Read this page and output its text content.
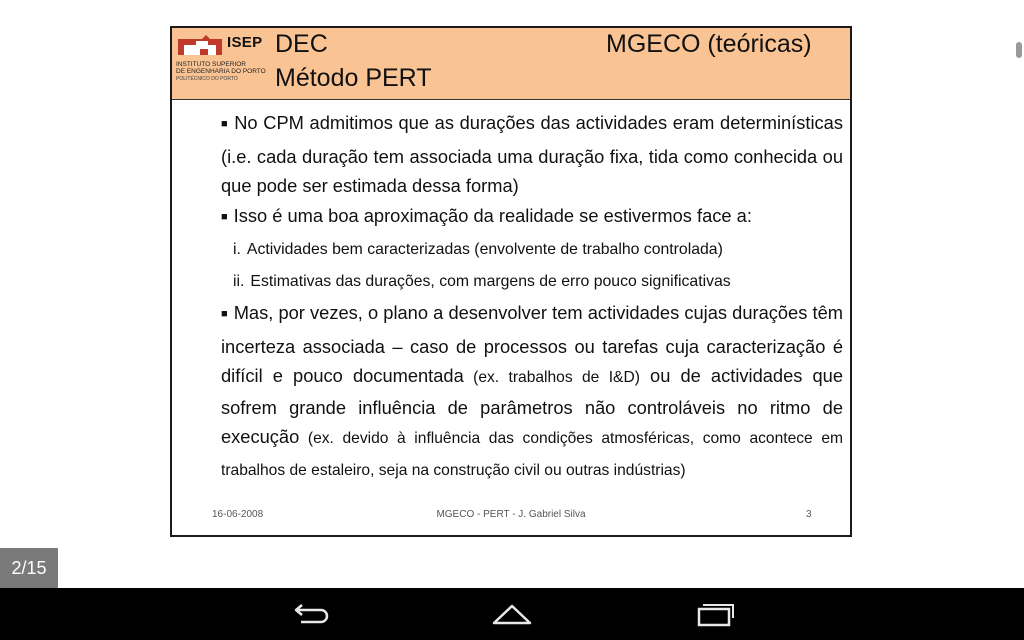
ISEP
INSTITUTO SUPERIOR
DE ENGENHARIA DO PORTO
POLITÉCNICO DO PORTO
DEC	MGECO (teóricas)
Método PERT

■ No CPM admitimos que as durações das actividades eram determinísticas (i.e. cada duração tem associada uma duração fixa, tida como conhecida ou que pode ser estimada dessa forma)

■ Isso é uma boa aproximação da realidade se estivermos face a:

i. Actividades bem caracterizadas (envolvente de trabalho controlada)

ii. Estimativas das durações, com margens de erro pouco significativas

■ Mas, por vezes, o plano a desenvolver tem actividades cujas durações têm incerteza associada – caso de processos ou tarefas cuja caracterização é difícil e pouco documentada (ex. trabalhos de I&D) ou de actividades que sofrem grande influência de parâmetros não controláveis no ritmo de execução (ex. devido à influência das condições atmosféricas, como acontece em trabalhos de estaleiro, seja na construção civil ou outras indústrias)

16-06-2008	MGECO - PERT - J. Gabriel Silva	3
2/15
